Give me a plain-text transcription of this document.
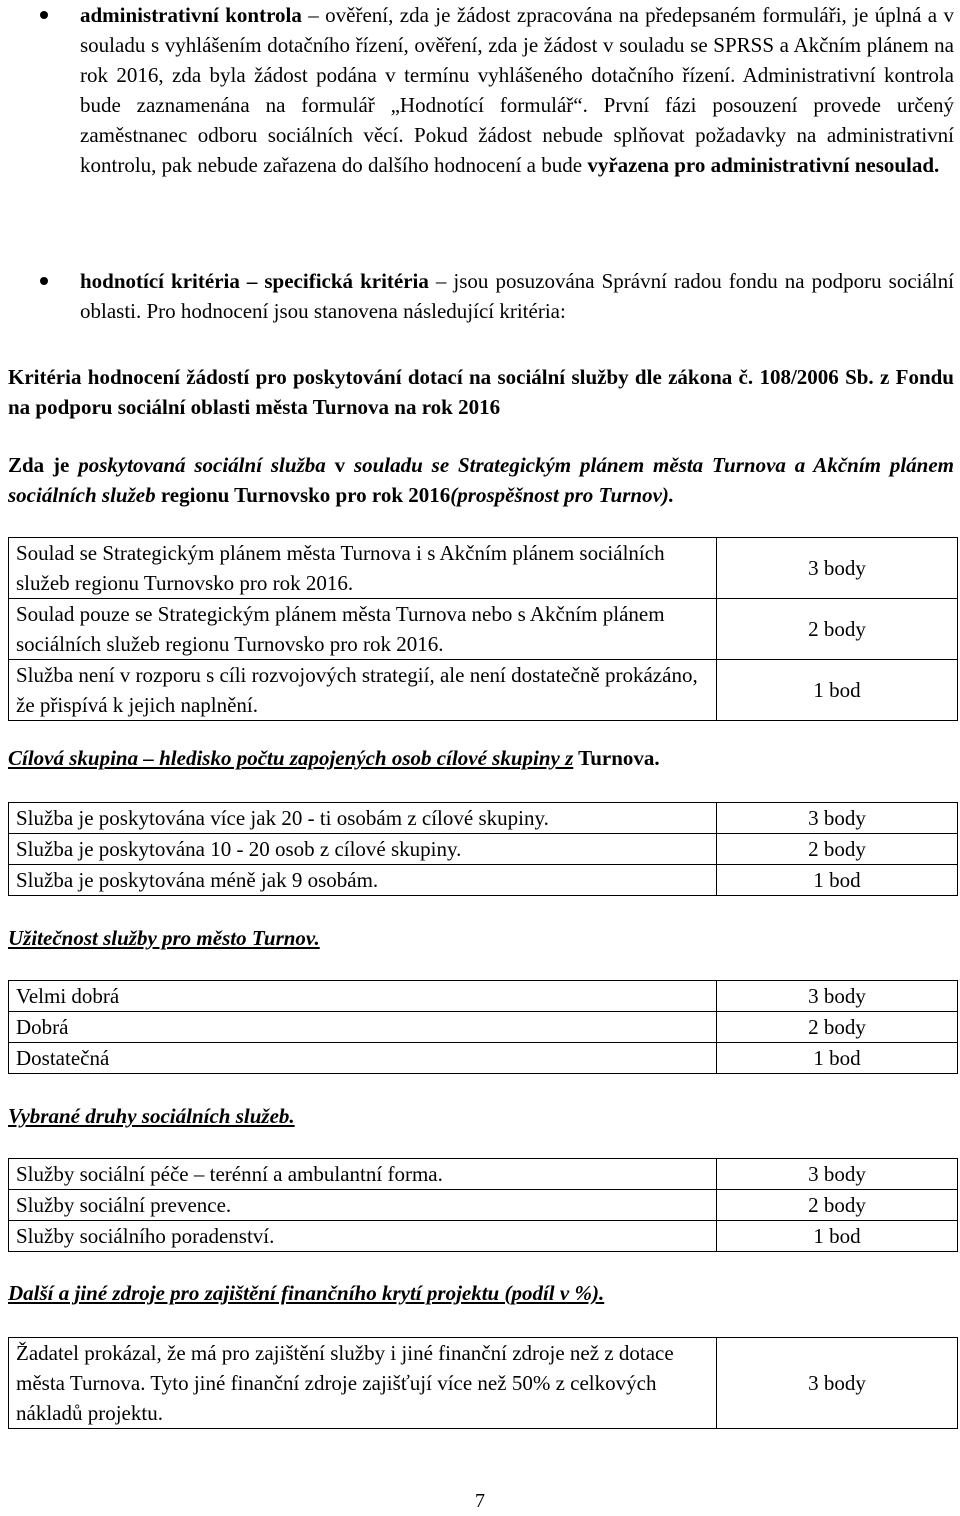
administrativní kontrola – ověření, zda je žádost zpracována na předepsaném formuláři, je úplná a v souladu s vyhlášením dotačního řízení, ověření, zda je žádost v souladu se SPRSS a Akčním plánem na rok 2016, zda byla žádost podána v termínu vyhlášeného dotačního řízení. Administrativní kontrola bude zaznamenána na formulář „Hodnotící formulář“. První fázi posouzení provede určený zaměstnanec odboru sociálních věcí. Pokud žádost nebude splňovat požadavky na administrativní kontrolu, pak nebude zařazena do dalšího hodnocení a bude vyřazena pro administrativní nesoulad.
hodnotící kritéria – specifická kritéria – jsou posuzována Správní radou fondu na podporu sociální oblasti. Pro hodnocení jsou stanovena následující kritéria:
Kritéria hodnocení žádostí pro poskytování dotací na sociální služby dle zákona č. 108/2006 Sb. z Fondu na podporu sociální oblasti města Turnova na rok 2016
Zda je poskytovaná sociální služba v souladu se Strategickým plánem města Turnova a Akčním plánem sociálních služeb regionu Turnovsko pro rok 2016(prospěšnost pro Turnov).
Soulad se Strategickým plánem města Turnova i s Akčním plánem sociálních služeb regionu Turnovsko pro rok 2016.	3 body
Soulad pouze se Strategickým plánem města Turnova nebo s Akčním plánem sociálních služeb regionu Turnovsko pro rok 2016.	2 body
Služba není v rozporu s cíli rozvojových strategií, ale není dostatečně prokázáno, že přispívá k jejich naplnění.	1 bod
Cílová skupina – hledisko počtu zapojených osob cílové skupiny z Turnova.
Služba je poskytována více jak 20 - ti osobám z cílové skupiny.	3 body
Služba je poskytována 10 - 20 osob z cílové skupiny.	2 body
Služba je poskytována méně jak 9 osobám.	1 bod
Užitečnost služby pro město Turnov.
Velmi dobrá	3 body
Dobrá	2 body
Dostatečná	1 bod
Vybrané druhy sociálních služeb.
Služby sociální péče – terénní a ambulantní forma.	3 body
Služby sociální prevence.	2 body
Služby sociálního poradenství.	1 bod
Další a jiné zdroje pro zajištění finančního krytí projektu (podíl v %).
Žadatel prokázal, že má pro zajištění služby i jiné finanční zdroje než z dotace města Turnova. Tyto jiné finanční zdroje zajišťují více než 50% z celkových nákladů projektu.	3 body
7
